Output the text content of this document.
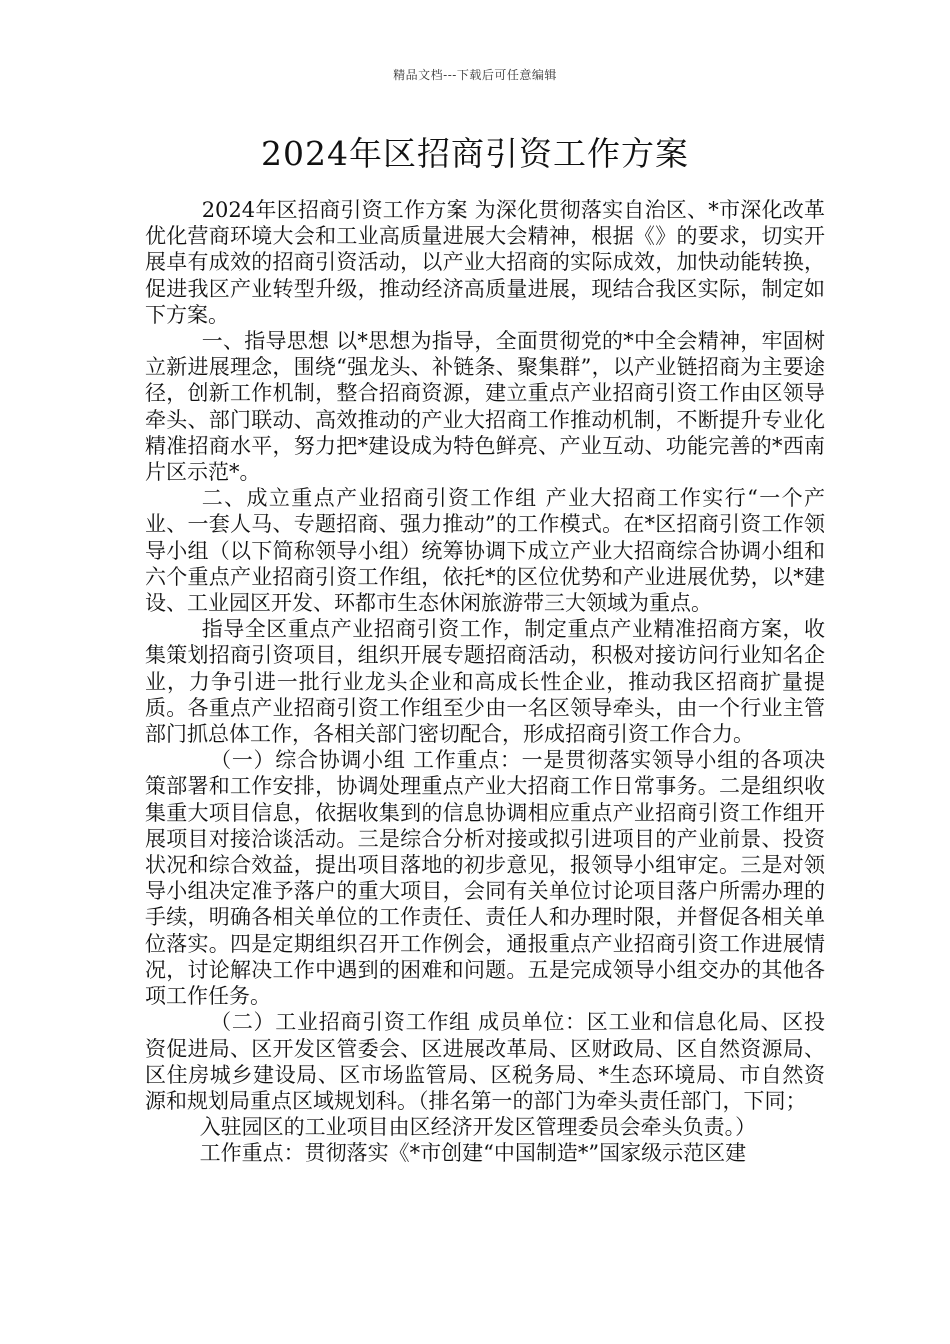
精品文档---下载后可任意编辑
2024年区招商引资工作方案

2024年区招商引资工作方案 为深化贯彻落实自治区、*市深化改革优化营商环境大会和工业高质量进展大会精神，根据《》的要求，切实开展卓有成效的招商引资活动，以产业大招商的实际成效，加快动能转换，促进我区产业转型升级，推动经济高质量进展，现结合我区实际，制定如下方案。

一、指导思想 以*思想为指导，全面贯彻党的*中全会精神，牢固树立新进展理念，围绕“强龙头、补链条、聚集群”，以产业链招商为主要途径，创新工作机制，整合招商资源，建立重点产业招商引资工作由区领导牵头、部门联动、高效推动的产业大招商工作推动机制，不断提升专业化精准招商水平，努力把*建设成为特色鲜亮、产业互动、功能完善的*西南片区示范*。

二、成立重点产业招商引资工作组 产业大招商工作实行“一个产业、一套人马、专题招商、强力推动”的工作模式。在*区招商引资工作领导小组（以下简称领导小组）统筹协调下成立产业大招商综合协调小组和六个重点产业招商引资工作组，依托*的区位优势和产业进展优势，以*建设、工业园区开发、环都市生态休闲旅游带三大领域为重点。

指导全区重点产业招商引资工作，制定重点产业精准招商方案，收集策划招商引资项目，组织开展专题招商活动，积极对接访问行业知名企业，力争引进一批行业龙头企业和高成长性企业，推动我区招商扩量提质。各重点产业招商引资工作组至少由一名区领导牵头，由一个行业主管部门抓总体工作，各相关部门密切配合，形成招商引资工作合力。

（一）综合协调小组 工作重点：一是贯彻落实领导小组的各项决策部署和工作安排，协调处理重点产业大招商工作日常事务。二是组织收集重大项目信息，依据收集到的信息协调相应重点产业招商引资工作组开展项目对接洽谈活动。三是综合分析对接或拟引进项目的产业前景、投资状况和综合效益，提出项目落地的初步意见，报领导小组审定。三是对领导小组决定准予落户的重大项目，会同有关单位讨论项目落户所需办理的手续，明确各相关单位的工作责任、责任人和办理时限，并督促各相关单位落实。四是定期组织召开工作例会，通报重点产业招商引资工作进展情况，讨论解决工作中遇到的困难和问题。五是完成领导小组交办的其他各项工作任务。

（二）工业招商引资工作组 成员单位：区工业和信息化局、区投资促进局、区开发区管委会、区进展改革局、区财政局、区自然资源局、区住房城乡建设局、区市场监管局、区税务局、*生态环境局、市自然资源和规划局重点区域规划科。（排名第一的部门为牵头责任部门，下同；

入驻园区的工业项目由区经济开发区管理委员会牵头负责。）

工作重点：贯彻落实《*市创建“中国制造*”国家级示范区建
